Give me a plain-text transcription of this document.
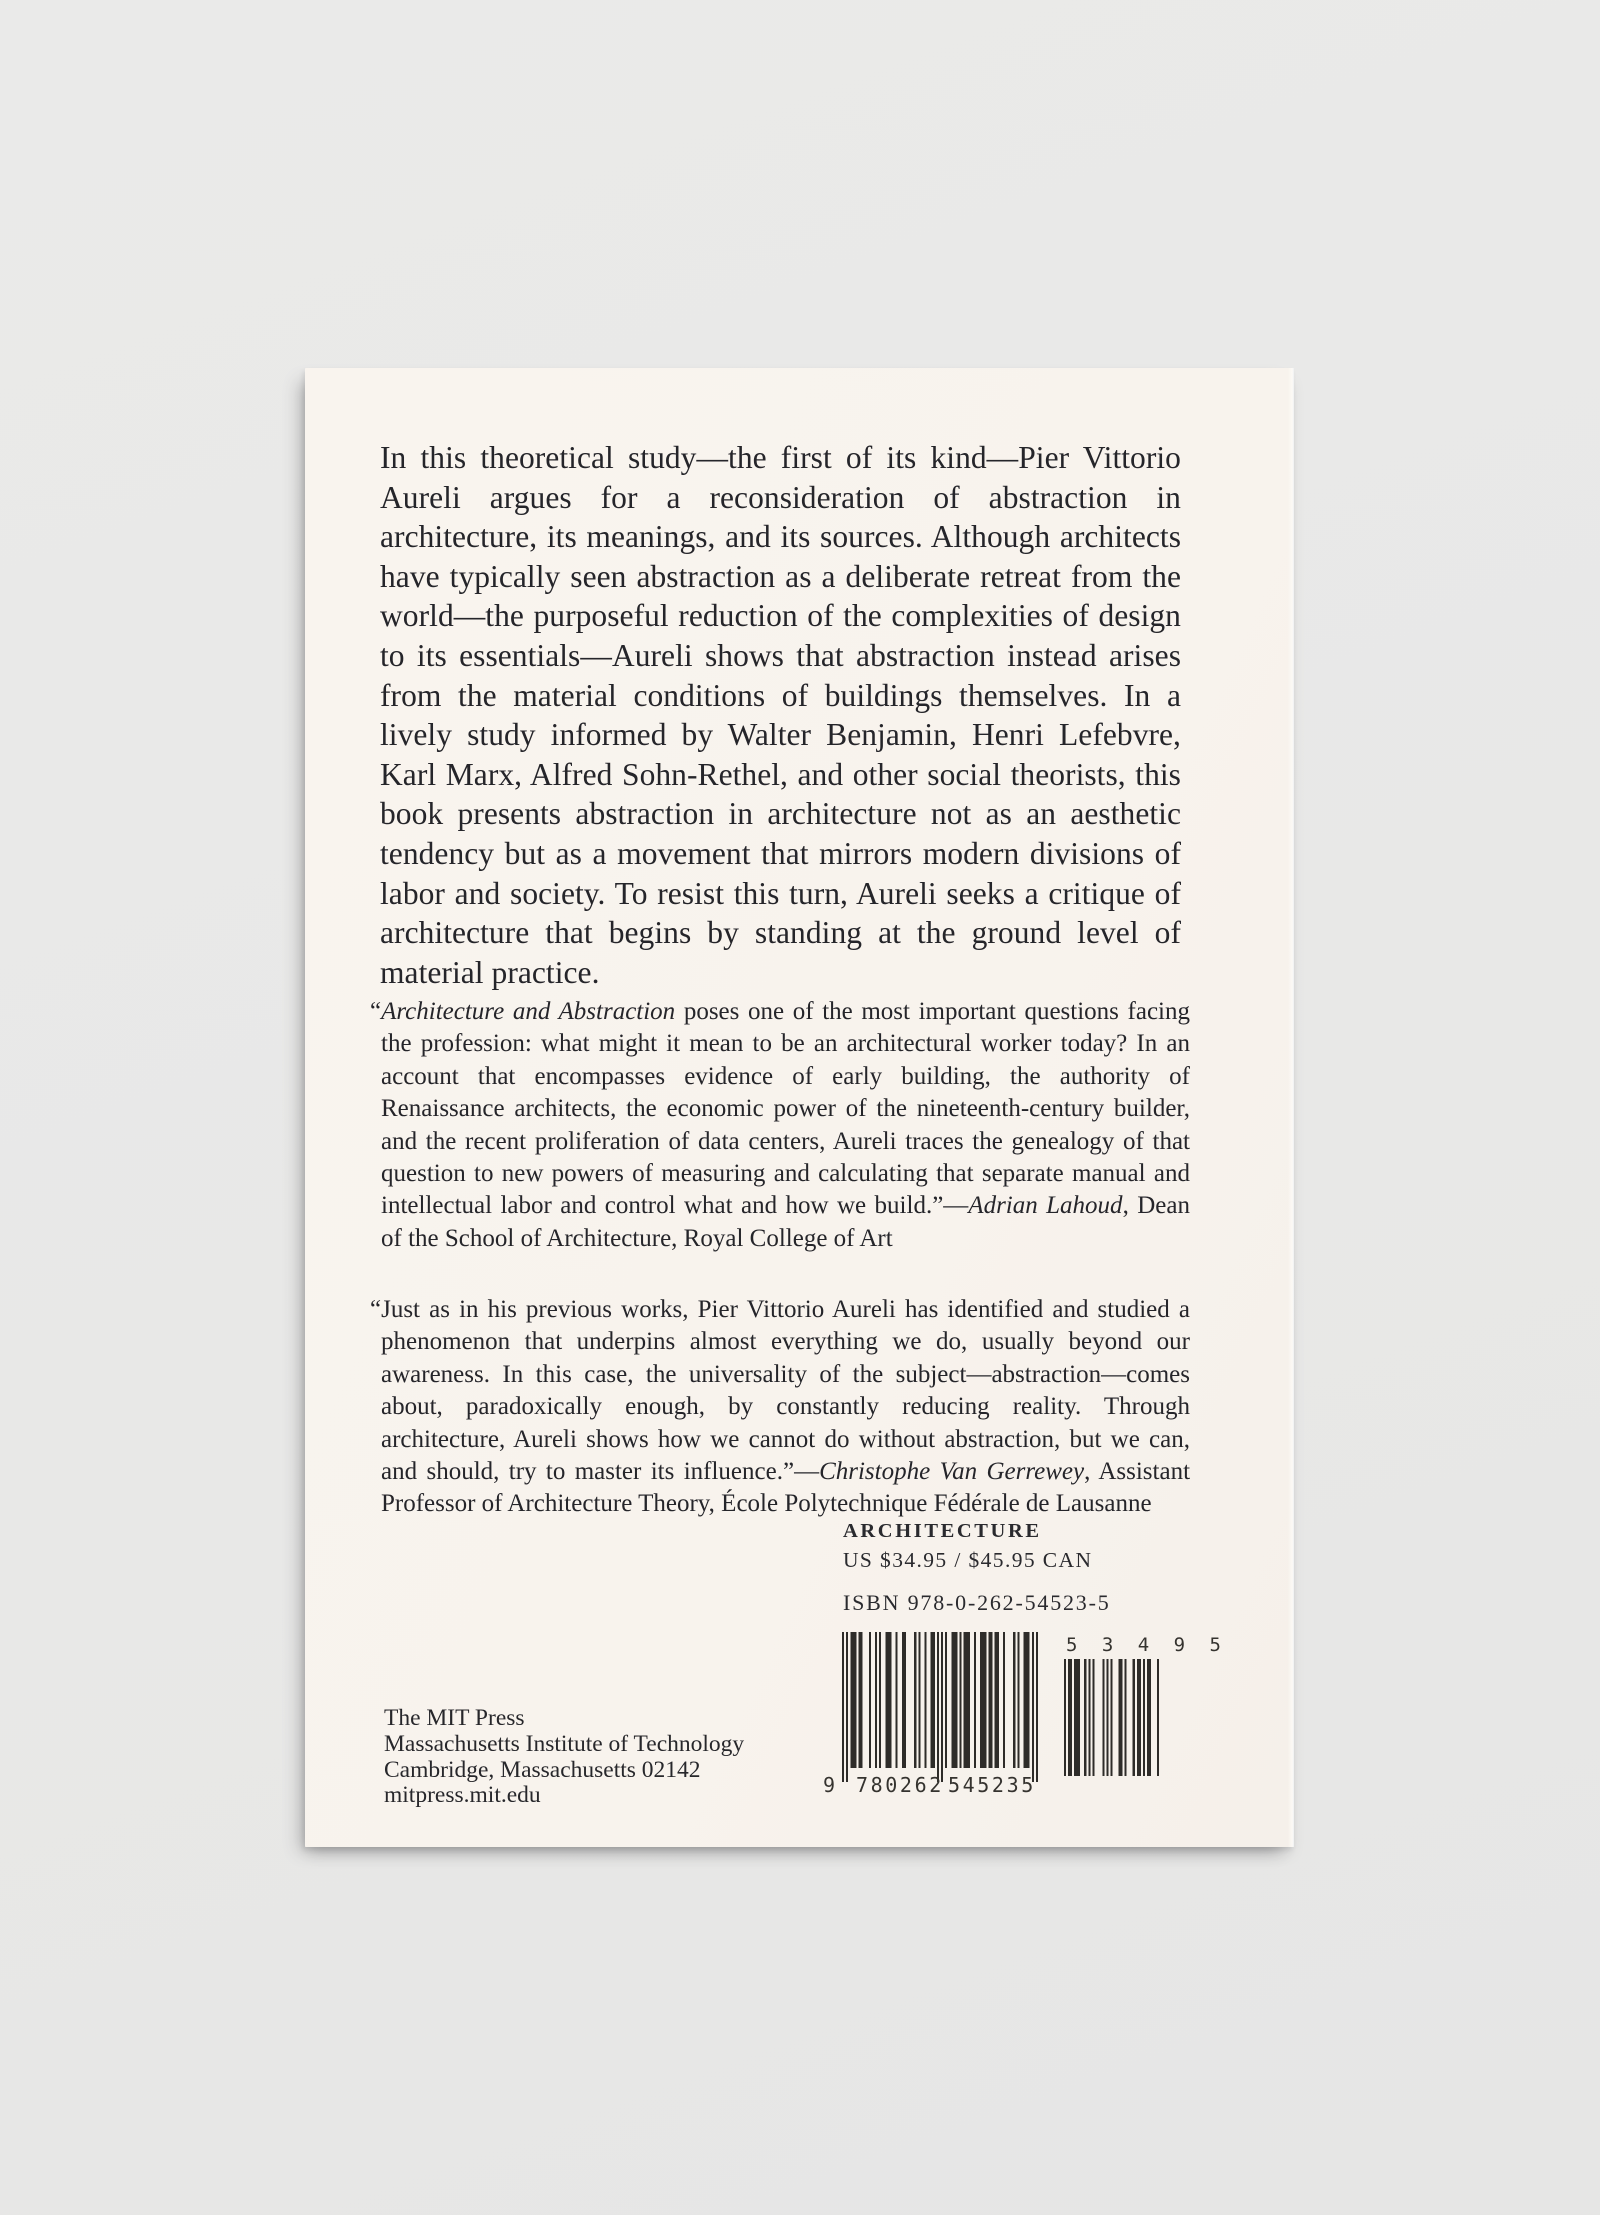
In this theoretical study—the first of its kind—Pier Vittorio Aureli argues for a reconsideration of abstraction in architecture, its meanings, and its sources. Although architects have typically seen abstraction as a deliberate retreat from the world—the purposeful reduction of the complexities of design to its essentials—Aureli shows that abstraction instead arises from the material conditions of buildings themselves. In a lively study informed by Walter Benjamin, Henri Lefebvre, Karl Marx, Alfred Sohn-Rethel, and other social theorists, this book presents abstraction in architecture not as an aesthetic tendency but as a movement that mirrors modern divisions of labor and society. To resist this turn, Aureli seeks a critique of architecture that begins by standing at the ground level of material practice.

“Architecture and Abstraction poses one of the most important questions facing the profession: what might it mean to be an architectural worker today? In an account that encompasses evidence of early building, the authority of Renaissance architects, the economic power of the nineteenth-century builder, and the recent proliferation of data centers, Aureli traces the genealogy of that question to new powers of measuring and calculating that separate manual and intellectual labor and control what and how we build.”—Adrian Lahoud, Dean of the School of Architecture, Royal College of Art

“Just as in his previous works, Pier Vittorio Aureli has identified and studied a phenomenon that underpins almost everything we do, usually beyond our awareness. In this case, the universality of the subject—abstraction—comes about, paradoxically enough, by constantly reducing reality. Through architecture, Aureli shows how we cannot do without abstraction, but we can, and should, try to master its influence.”—Christophe Van Gerrewey, Assistant Professor of Architecture Theory, École Polytechnique Fédérale de Lausanne

ARCHITECTURE
US $34.95 / $45.95 CAN
ISBN 978-0-262-54523-5
9 780262 545235
5 3 4 9 5
The MIT Press
Massachusetts Institute of Technology
Cambridge, Massachusetts 02142
mitpress.mit.edu
